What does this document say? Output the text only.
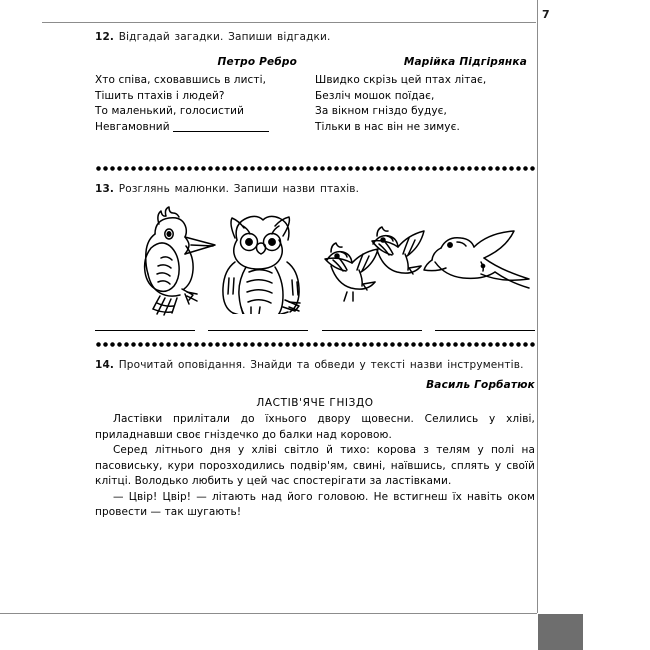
7

12. Відгадай загадки. Запиши відгадки.

Петро Ребро

Хто співа, сховавшись в листі,
Тішить птахів і людей?
То маленький, голосистий
Невгамовний

Марійка Підгірянка

Швидко скрізь цей птах літає,
Безліч мошок поїдає,
За вікном гніздо будує,
Тільки в нас він не зимує.

13. Розглянь малюнки. Запиши назви птахів.

14. Прочитай оповідання. Знайди та обведи у тексті назви інструментів.

Василь Горбатюк

ЛАСТІВ'ЯЧЕ ГНІЗДО

Ластівки прилітали до їхнього двору щовесни. Селились у хліві, приладнавши своє гніздечко до балки над коровою.

Серед літнього дня у хліві світло й тихо: корова з телям у полі на пасовиську, кури порозходились подвір'ям, свині, наївшись, сплять у своїй клітці. Володько любить у цей час спостерігати за ластівками.

— Цвір! Цвір! — літають над його головою. Не встигнеш їх навіть оком провести — так шугають!
